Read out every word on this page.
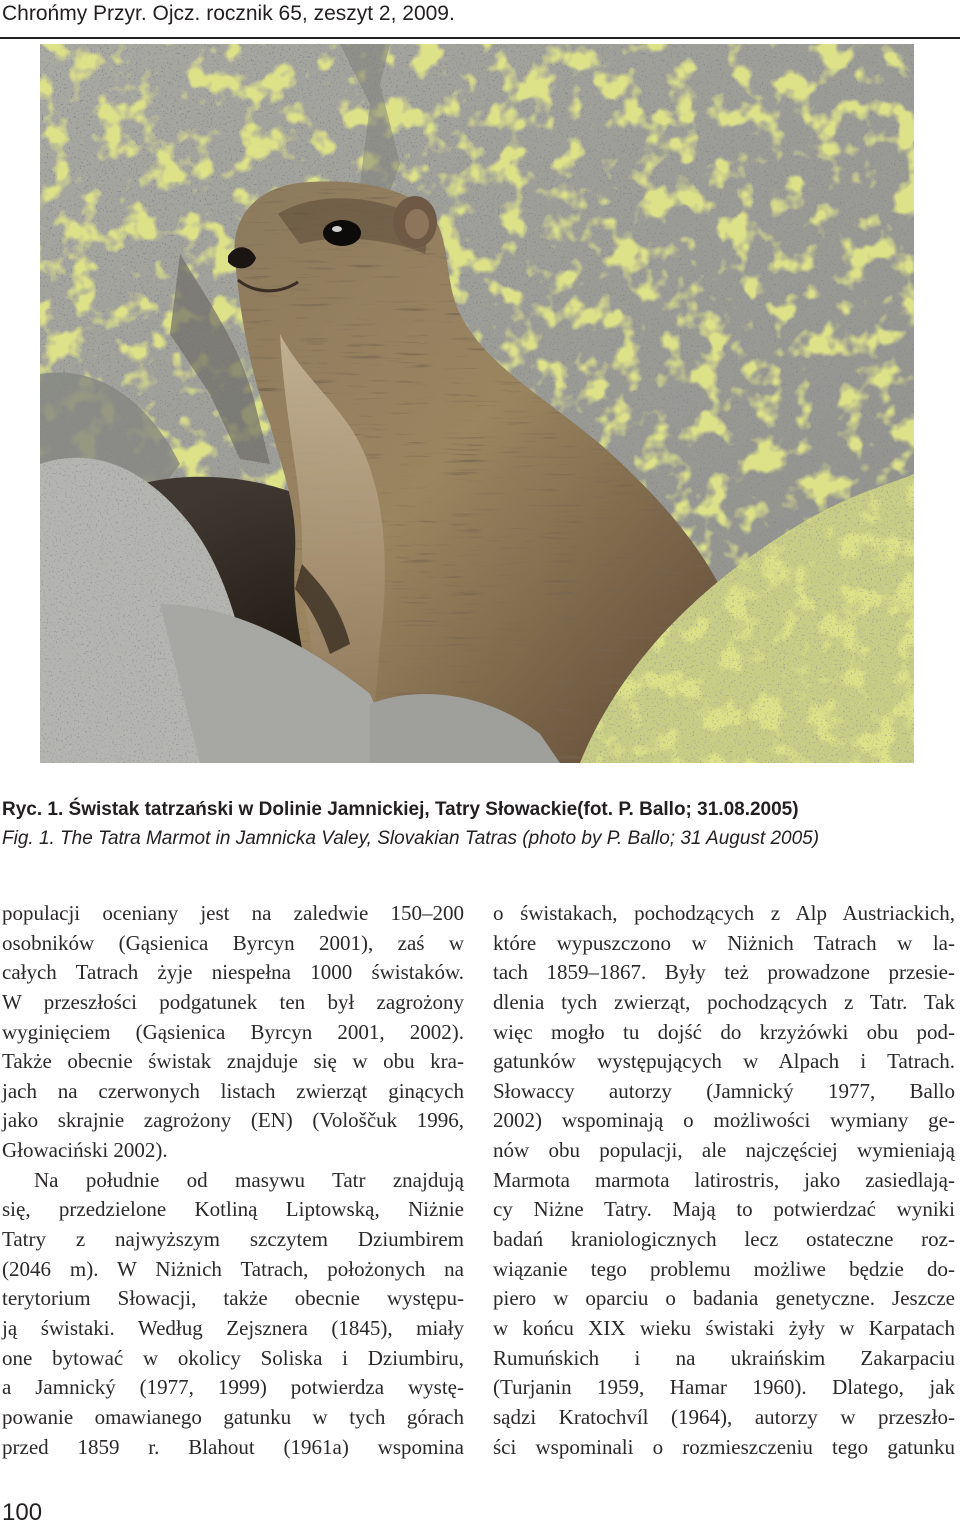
Chrońmy Przyr. Ojcz. rocznik 65, zeszyt 2, 2009.
Ryc. 1. Świstak tatrzański w Dolinie Jamnickiej, Tatry Słowackie(fot. P. Ballo; 31.08.2005)
Fig. 1. The Tatra Marmot in Jamnicka Valey, Slovakian Tatras (photo by P. Ballo; 31 August 2005)
populacji oceniany jest na zaledwie 150–200
osobników (Gąsienica Byrcyn 2001), zaś w
całych Tatrach żyje niespełna 1000 świstaków.
W przeszłości podgatunek ten był zagrożony
wyginięciem (Gąsienica Byrcyn 2001, 2002).
Także obecnie świstak znajduje się w obu kra-
jach na czerwonych listach zwierząt ginących
jako skrajnie zagrożony (EN) (Vološčuk 1996,
Głowaciński 2002).
Na południe od masywu Tatr znajdują
się, przedzielone Kotliną Liptowską, Niżnie
Tatry z najwyższym szczytem Dziumbirem
(2046 m). W Niżnich Tatrach, położonych na
terytorium Słowacji, także obecnie występu-
ją świstaki. Według Zejsznera (1845), miały
one bytować w okolicy Soliska i Dziumbiru,
a Jamnický (1977, 1999) potwierdza wystę-
powanie omawianego gatunku w tych górach
przed 1859 r. Blahout (1961a) wspomina
o świstakach, pochodzących z Alp Austriackich,
które wypuszczono w Niżnich Tatrach w la-
tach 1859–1867. Były też prowadzone przesie-
dlenia tych zwierząt, pochodzących z Tatr. Tak
więc mogło tu dojść do krzyżówki obu pod-
gatunków występujących w Alpach i Tatrach.
Słowaccy autorzy (Jamnický 1977, Ballo
2002) wspominają o możliwości wymiany ge-
nów obu populacji, ale najczęściej wymieniają
Marmota marmota latirostris, jako zasiedlają-
cy Niżne Tatry. Mają to potwierdzać wyniki
badań kraniologicznych lecz ostateczne roz-
wiązanie tego problemu możliwe będzie do-
piero w oparciu o badania genetyczne. Jeszcze
w końcu XIX wieku świstaki żyły w Karpatach
Rumuńskich i na ukraińskim Zakarpaciu
(Turjanin 1959, Hamar 1960). Dlatego, jak
sądzi Kratochvíl (1964), autorzy w przeszło-
ści wspominali o rozmieszczeniu tego gatunku
100
